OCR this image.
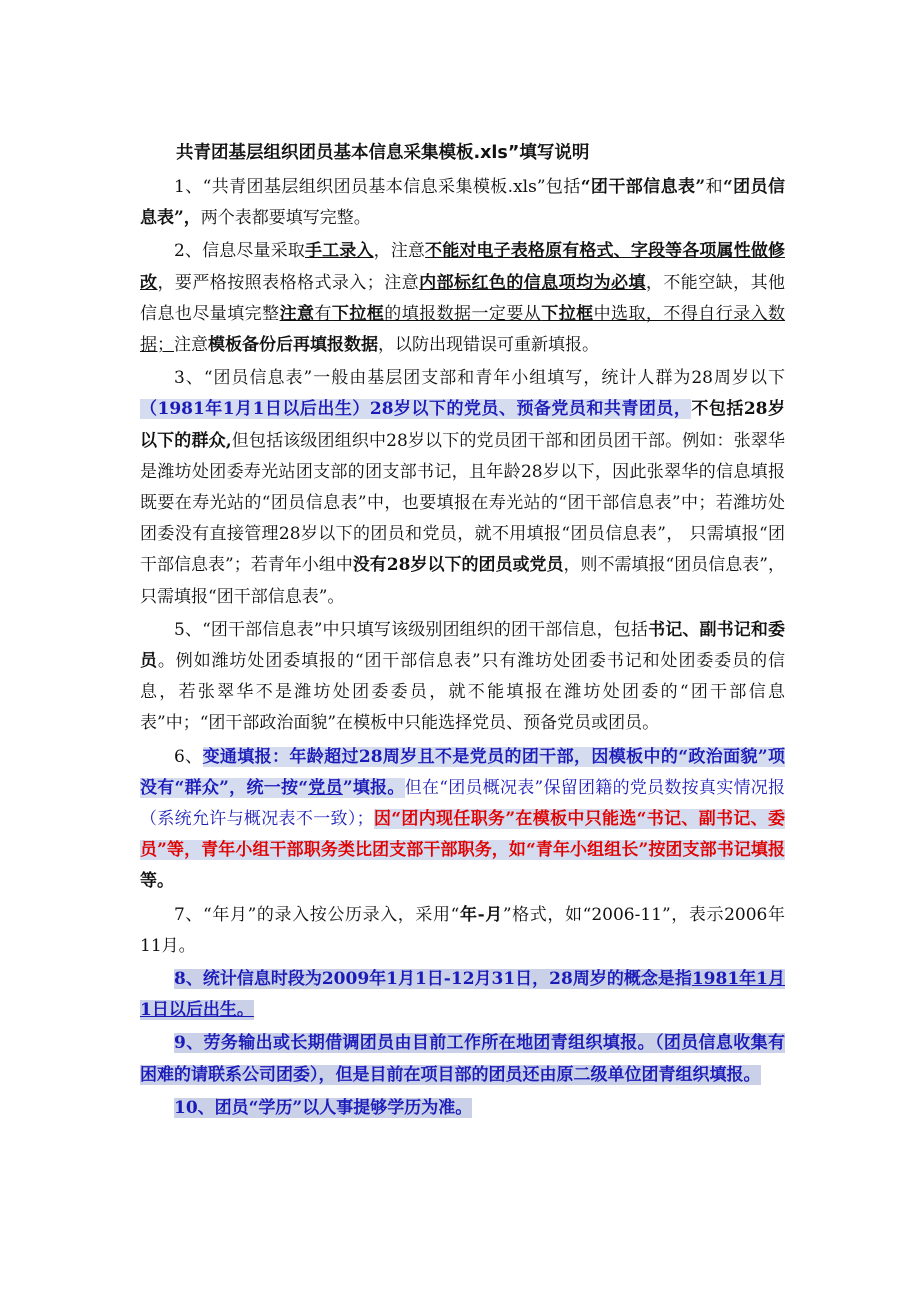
共青团基层组织团员基本信息采集模板.xls”填写说明

1、“共青团基层组织团员基本信息采集模板.xls”包括“团干部信息表”和“团员信息表”，两个表都要填写完整。

2、信息尽量采取手工录入，注意不能对电子表格原有格式、字段等各项属性做修改，要严格按照表格格式录入；注意内部标红色的信息项均为必填，不能空缺，其他信息也尽量填完整注意有下拉框的填报数据一定要从下拉框中选取，不得自行录入数据；注意模板备份后再填报数据，以防出现错误可重新填报。

3、“团员信息表”一般由基层团支部和青年小组填写，统计人群为28周岁以下（1981年1月1日以后出生）28岁以下的党员、预备党员和共青团员，不包括28岁以下的群众,但包括该级团组织中28岁以下的党员团干部和团员团干部。例如：张翠华是潍坊处团委寿光站团支部的团支部书记，且年龄28岁以下，因此张翠华的信息填报既要在寿光站的“团员信息表”中，也要填报在寿光站的“团干部信息表”中；若潍坊处团委没有直接管理28岁以下的团员和党员，就不用填报“团员信息表”， 只需填报“团干部信息表”；若青年小组中没有28岁以下的团员或党员，则不需填报“团员信息表”，只需填报“团干部信息表”。

5、“团干部信息表”中只填写该级别团组织的团干部信息，包括书记、副书记和委员。例如潍坊处团委填报的“团干部信息表”只有潍坊处团委书记和处团委委员的信息，若张翠华不是潍坊处团委委员，就不能填报在潍坊处团委的“团干部信息表”中；“团干部政治面貌”在模板中只能选择党员、预备党员或团员。

6、变通填报：年龄超过28周岁且不是党员的团干部，因模板中的“政治面貌”项没有“群众”，统一按“党员”填报。但在“团员概况表”保留团籍的党员数按真实情况报（系统允许与概况表不一致）；因“团内现任职务”在模板中只能选“书记、副书记、委员”等，青年小组干部职务类比团支部干部职务，如“青年小组组长”按团支部书记填报等。

7、“年月”的录入按公历录入，采用“年-月”格式，如“2006-11”，表示2006年11月。

8、统计信息时段为2009年1月1日-12月31日，28周岁的概念是指1981年1月1日以后出生。

9、劳务输出或长期借调团员由目前工作所在地团青组织填报。（团员信息收集有困难的请联系公司团委），但是目前在项目部的团员还由原二级单位团青组织填报。

10、团员“学历”以人事提够学历为准。
